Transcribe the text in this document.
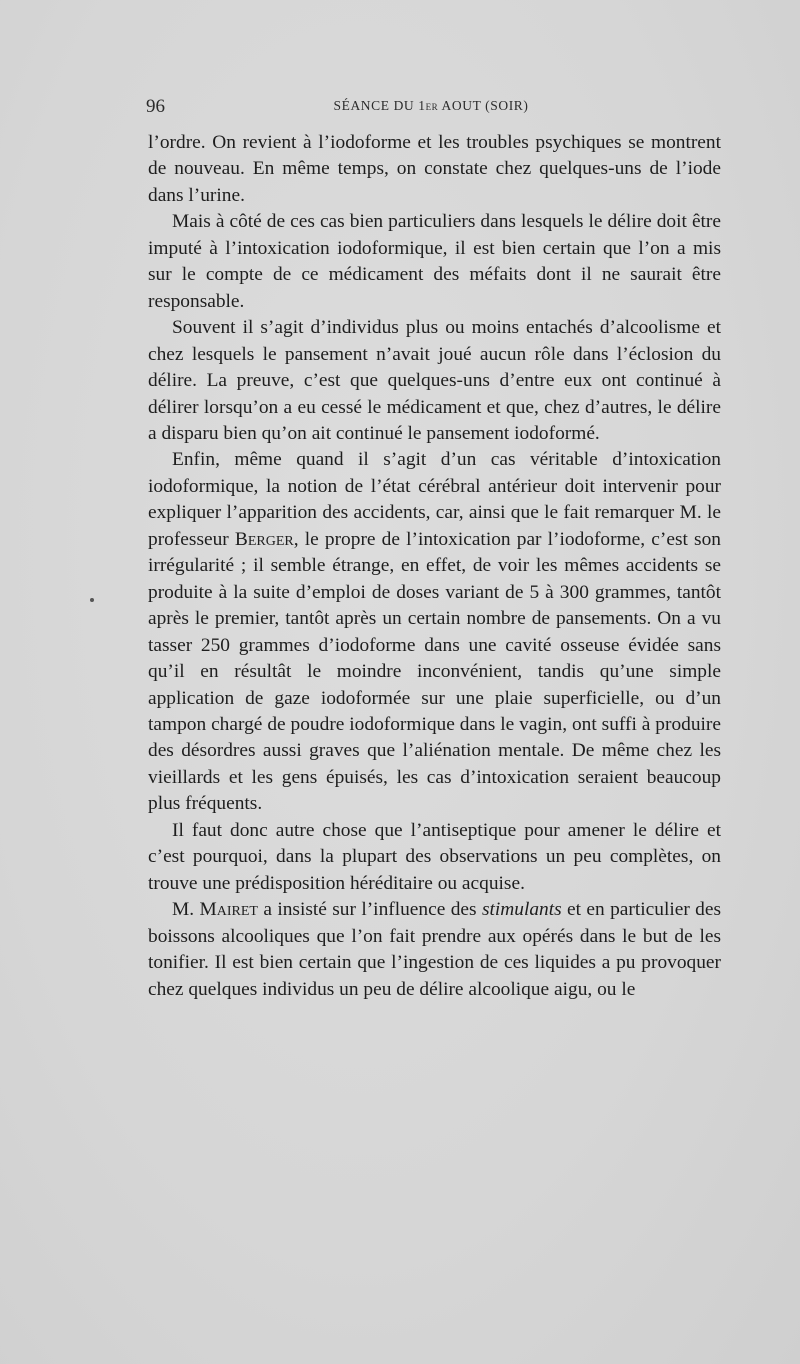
96	SÉANCE DU 1er AOUT (SOIR)

l’ordre. On revient à l’iodoforme et les troubles psychiques se montrent de nouveau. En même temps, on constate chez quelques-uns de l’iode dans l’urine.

Mais à côté de ces cas bien particuliers dans lesquels le délire doit être imputé à l’intoxication iodoformique, il est bien certain que l’on a mis sur le compte de ce médicament des méfaits dont il ne saurait être responsable.

Souvent il s’agit d’individus plus ou moins entachés d’alcoolisme et chez lesquels le pansement n’avait joué aucun rôle dans l’éclosion du délire. La preuve, c’est que quelques-uns d’entre eux ont continué à délirer lorsqu’on a eu cessé le médicament et que, chez d’autres, le délire a disparu bien qu’on ait continué le pansement iodoformé.

Enfin, même quand il s’agit d’un cas véritable d’intoxication iodoformique, la notion de l’état cérébral antérieur doit intervenir pour expliquer l’apparition des accidents, car, ainsi que le fait remarquer M. le professeur Berger, le propre de l’intoxication par l’iodoforme, c’est son irrégularité ; il semble étrange, en effet, de voir les mêmes accidents se produite à la suite d’emploi de doses variant de 5 à 300 grammes, tantôt après le premier, tantôt après un certain nombre de pansements. On a vu tasser 250 grammes d’iodoforme dans une cavité osseuse évidée sans qu’il en résultât le moindre inconvénient, tandis qu’une simple application de gaze iodoformée sur une plaie superficielle, ou d’un tampon chargé de poudre iodoformique dans le vagin, ont suffi à produire des désordres aussi graves que l’aliénation mentale. De même chez les vieillards et les gens épuisés, les cas d’intoxication seraient beaucoup plus fréquents.

Il faut donc autre chose que l’antiseptique pour amener le délire et c’est pourquoi, dans la plupart des observations un peu complètes, on trouve une prédisposition héréditaire ou acquise.

M. Mairet a insisté sur l’influence des stimulants et en particulier des boissons alcooliques que l’on fait prendre aux opérés dans le but de les tonifier. Il est bien certain que l’ingestion de ces liquides a pu provoquer chez quelques individus un peu de délire alcoolique aigu, ou le
